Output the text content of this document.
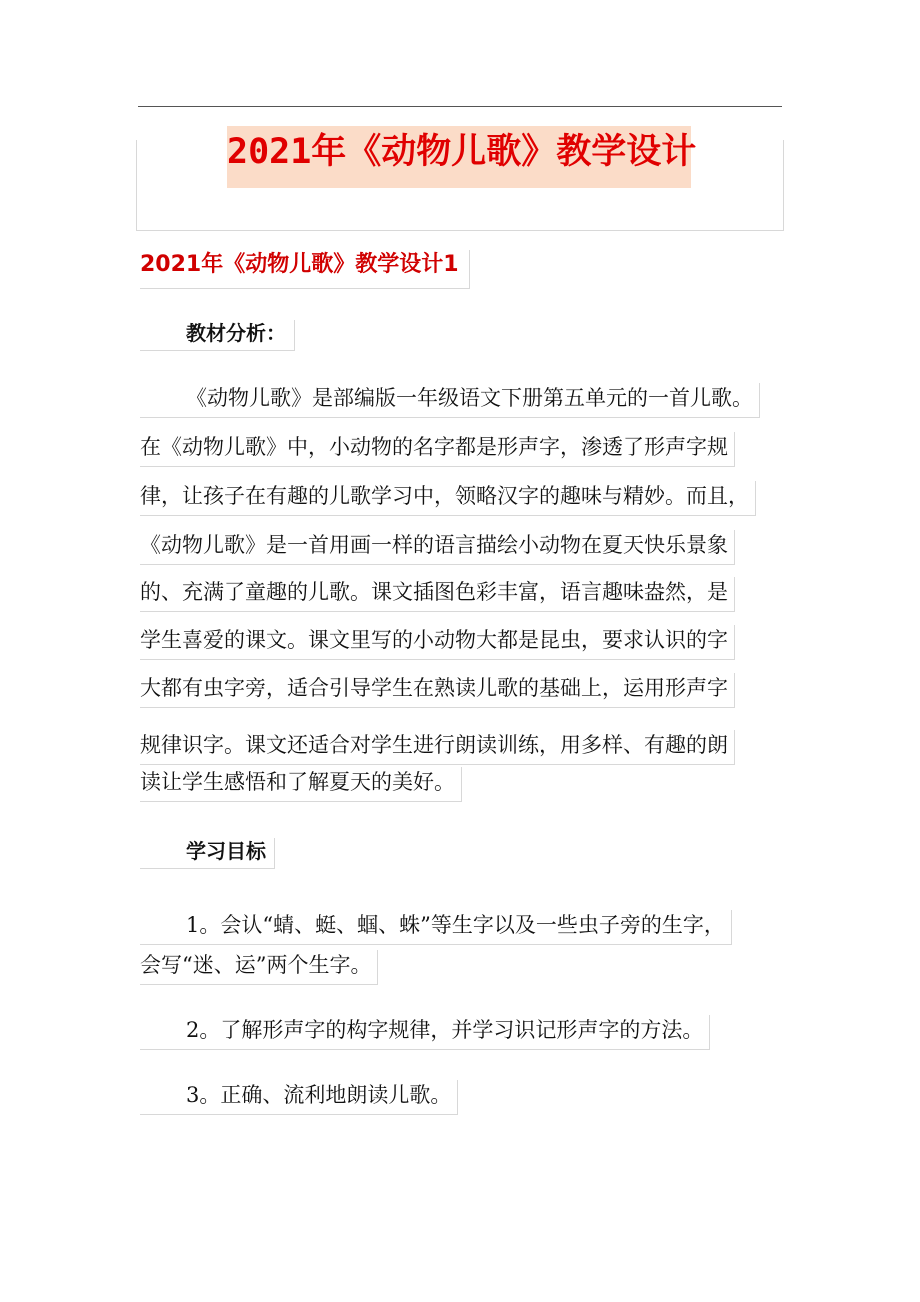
2021年《动物儿歌》教学设计
2021年《动物儿歌》教学设计1
教材分析：
《动物儿歌》是部编版一年级语文下册第五单元的一首儿歌。
在《动物儿歌》中，小动物的名字都是形声字，渗透了形声字规
律，让孩子在有趣的儿歌学习中，领略汉字的趣味与精妙。而且，
《动物儿歌》是一首用画一样的语言描绘小动物在夏天快乐景象
的、充满了童趣的儿歌。课文插图色彩丰富，语言趣味盎然，是
学生喜爱的课文。课文里写的小动物大都是昆虫，要求认识的字
大都有虫字旁，适合引导学生在熟读儿歌的基础上，运用形声字
规律识字。课文还适合对学生进行朗读训练，用多样、有趣的朗
读让学生感悟和了解夏天的美好。
学习目标
1。会认“蜻、蜓、蝈、蛛”等生字以及一些虫子旁的生字，
会写“迷、运”两个生字。
2。了解形声字的构字规律，并学习识记形声字的方法。
3。正确、流利地朗读儿歌。
